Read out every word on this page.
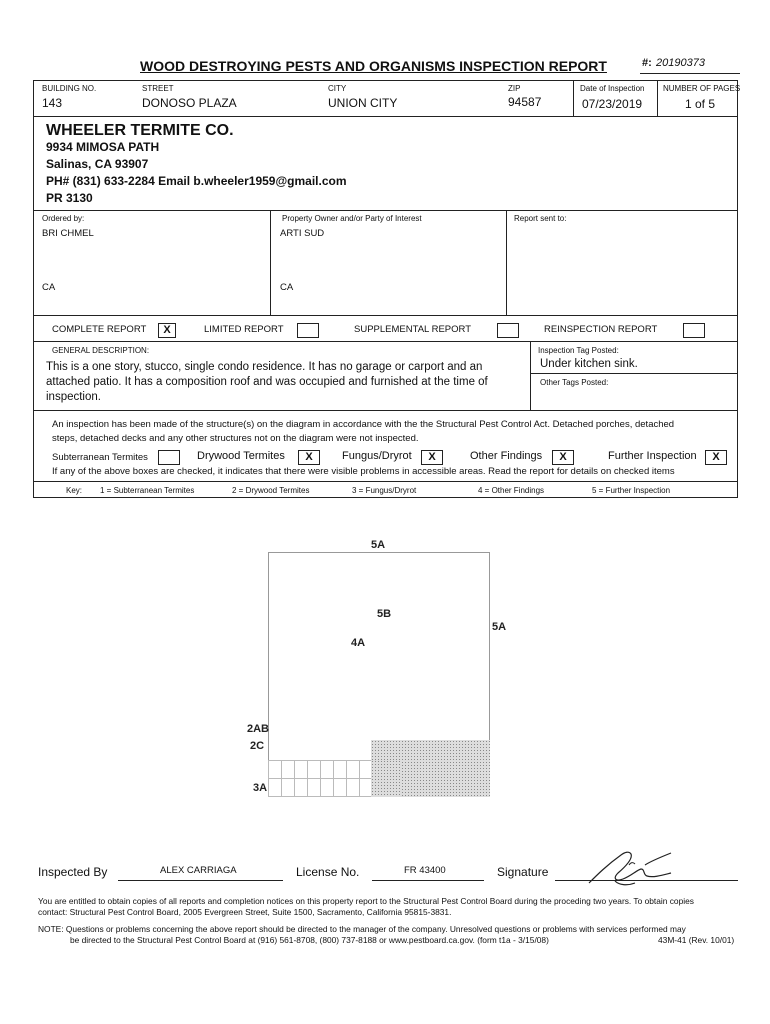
WOOD DESTROYING PESTS AND ORGANISMS INSPECTION REPORT	#: 20190373
BUILDING NO.
143
STREET
DONOSO PLAZA
CITY
UNION CITY
ZIP
94587
Date of Inspection
07/23/2019
NUMBER OF PAGES
1 of 5
WHEELER TERMITE CO.
9934 MIMOSA PATH
Salinas, CA 93907
PH# (831) 633-2284 Email b.wheeler1959@gmail.com
PR 3130
Ordered by:
BRI CHMEL
CA
Property Owner and/or Party of Interest
ARTI SUD
CA
Report sent to:
COMPLETE REPORT	X	LIMITED REPORT	SUPPLEMENTAL REPORT	REINSPECTION REPORT
GENERAL DESCRIPTION:
This is a one story, stucco, single condo residence. It has no garage or carport and an
attached patio. It has a composition roof and was occupied and furnished at the time of
inspection.
Inspection Tag Posted:
Under kitchen sink.
Other Tags Posted:
An inspection has been made of the structure(s) on the diagram in accordance with the the Structural Pest Control Act. Detached porches, detached
steps, detached decks and any other structures not on the diagram were not inspected.
Subterranean Termites	Drywood Termites	X	Fungus/Dryrot	X	Other Findings	X	Further Inspection	X
If any of the above boxes are checked, it indicates that there were visible problems in accessible areas. Read the report for details on checked items
Key: 1 = Subterranean Termites	2 = Drywood Termites	3 = Fungus/Dryrot	4 = Other Findings	5 = Further Inspection
5A
5A
5B
4A
2AB
2C
3A
Inspected By	ALEX CARRIAGA	License No.	FR 43400	Signature
You are entitled to obtain copies of all reports and completion notices on this property report to the Structural Pest Control Board during the proceding two years. To obtain copies
contact: Structural Pest Control Board, 2005 Evergreen Street, Suite 1500, Sacramento, California 95815-3831.
NOTE: Questions or problems concerning the above report should be directed to the manager of the company. Unresolved questions or problems with services performed may
be directed to the Structural Pest Control Board at (916) 561-8708, (800) 737-8188 or www.pestboard.ca.gov. (form t1a - 3/15/08)	43M-41 (Rev. 10/01)
